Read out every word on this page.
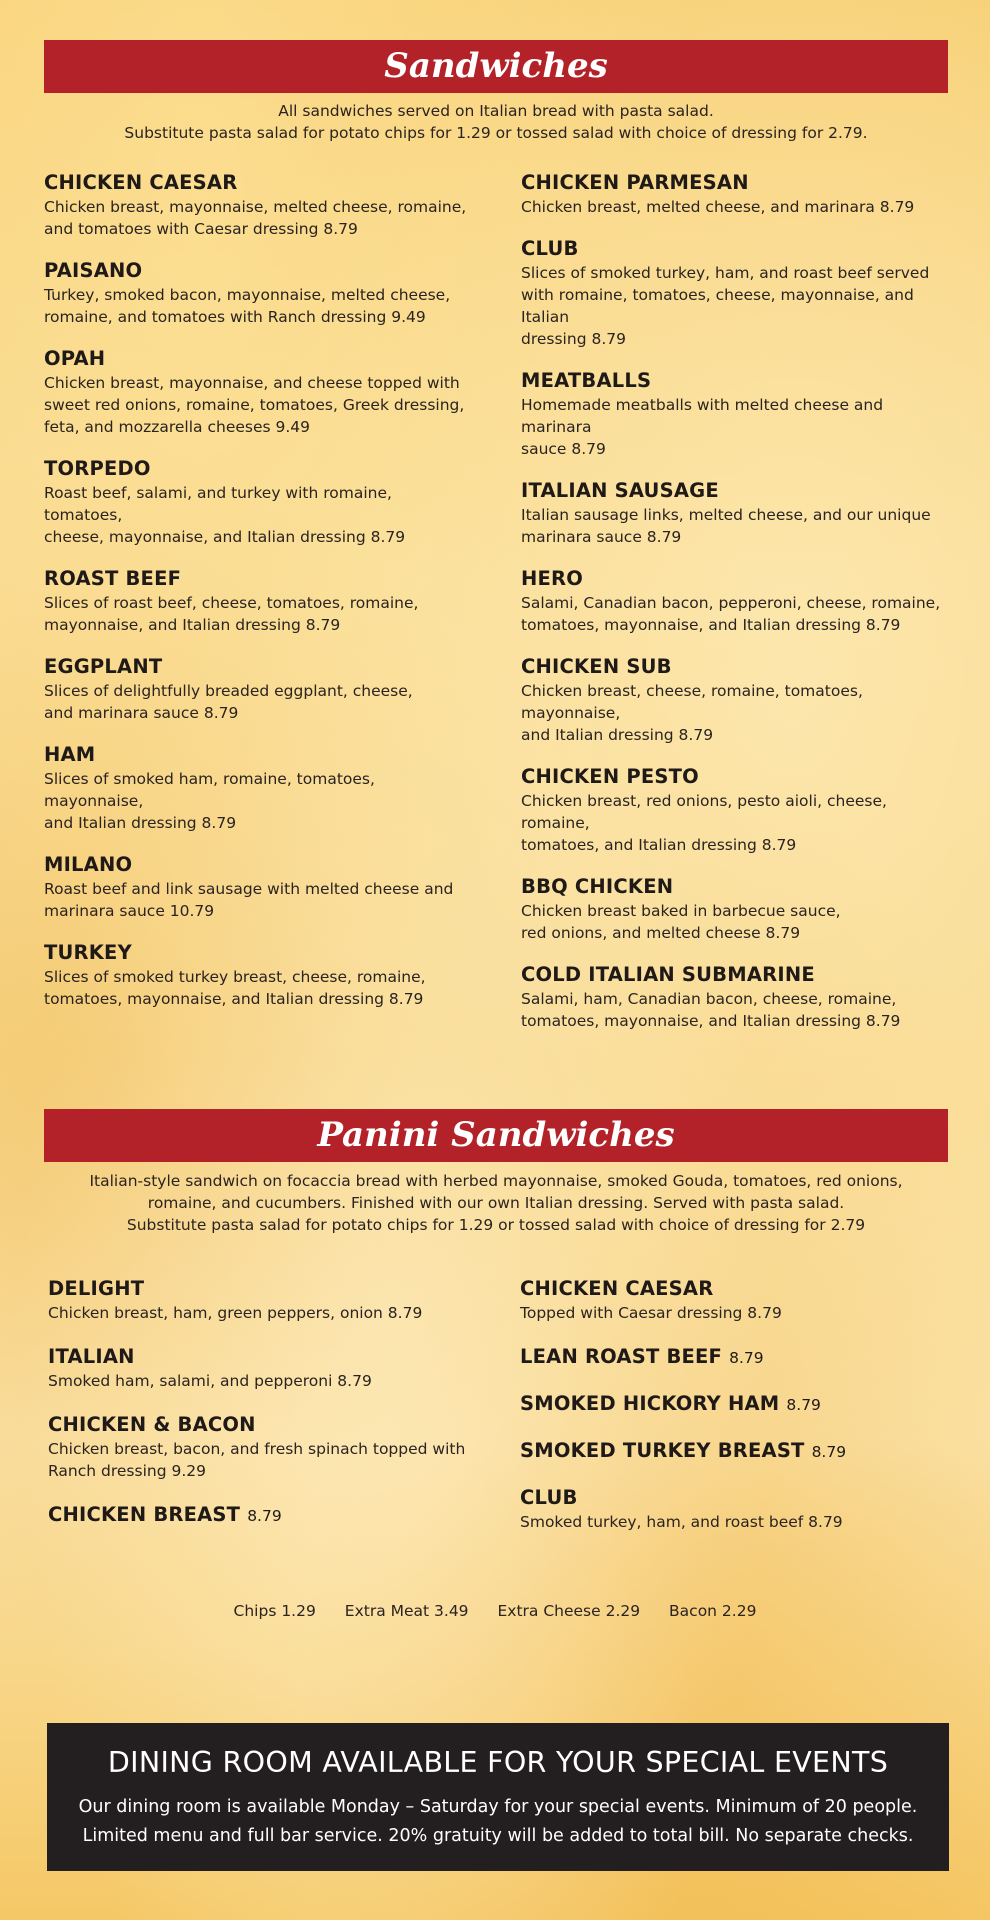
Sandwiches
All sandwiches served on Italian bread with pasta salad.
Substitute pasta salad for potato chips for 1.29 or tossed salad with choice of dressing for 2.79.
CHICKEN CAESAR
Chicken breast, mayonnaise, melted cheese, romaine,
and tomatoes with Caesar dressing 8.79
PAISANO
Turkey, smoked bacon, mayonnaise, melted cheese,
romaine, and tomatoes with Ranch dressing 9.49
OPAH
Chicken breast, mayonnaise, and cheese topped with
sweet red onions, romaine, tomatoes, Greek dressing,
feta, and mozzarella cheeses 9.49
TORPEDO
Roast beef, salami, and turkey with romaine, tomatoes,
cheese, mayonnaise, and Italian dressing 8.79
ROAST BEEF
Slices of roast beef, cheese, tomatoes, romaine,
mayonnaise, and Italian dressing 8.79
EGGPLANT
Slices of delightfully breaded eggplant, cheese,
and marinara sauce 8.79
HAM
Slices of smoked ham, romaine, tomatoes, mayonnaise,
and Italian dressing 8.79
MILANO
Roast beef and link sausage with melted cheese and
marinara sauce 10.79
TURKEY
Slices of smoked turkey breast, cheese, romaine,
tomatoes, mayonnaise, and Italian dressing 8.79
CHICKEN PARMESAN
Chicken breast, melted cheese, and marinara 8.79
CLUB
Slices of smoked turkey, ham, and roast beef served
with romaine, tomatoes, cheese, mayonnaise, and Italian
dressing 8.79
MEATBALLS
Homemade meatballs with melted cheese and marinara
sauce 8.79
ITALIAN SAUSAGE
Italian sausage links, melted cheese, and our unique
marinara sauce 8.79
HERO
Salami, Canadian bacon, pepperoni, cheese, romaine,
tomatoes, mayonnaise, and Italian dressing 8.79
CHICKEN SUB
Chicken breast, cheese, romaine, tomatoes, mayonnaise,
and Italian dressing 8.79
CHICKEN PESTO
Chicken breast, red onions, pesto aioli, cheese, romaine,
tomatoes, and Italian dressing 8.79
BBQ CHICKEN
Chicken breast baked in barbecue sauce,
red onions, and melted cheese 8.79
COLD ITALIAN SUBMARINE
Salami, ham, Canadian bacon, cheese, romaine,
tomatoes, mayonnaise, and Italian dressing 8.79
Panini Sandwiches
Italian-style sandwich on focaccia bread with herbed mayonnaise, smoked Gouda, tomatoes, red onions,
romaine, and cucumbers. Finished with our own Italian dressing. Served with pasta salad.
Substitute pasta salad for potato chips for 1.29 or tossed salad with choice of dressing for 2.79
DELIGHT
Chicken breast, ham, green peppers, onion 8.79
ITALIAN
Smoked ham, salami, and pepperoni 8.79
CHICKEN & BACON
Chicken breast, bacon, and fresh spinach topped with
Ranch dressing 9.29
CHICKEN BREAST 8.79
CHICKEN CAESAR
Topped with Caesar dressing 8.79
LEAN ROAST BEEF 8.79
SMOKED HICKORY HAM 8.79
SMOKED TURKEY BREAST 8.79
CLUB
Smoked turkey, ham, and roast beef 8.79
Chips 1.29 Extra Meat 3.49 Extra Cheese 2.29 Bacon 2.29
DINING ROOM AVAILABLE FOR YOUR SPECIAL EVENTS
Our dining room is available Monday – Saturday for your special events. Minimum of 20 people.
Limited menu and full bar service. 20% gratuity will be added to total bill. No separate checks.
